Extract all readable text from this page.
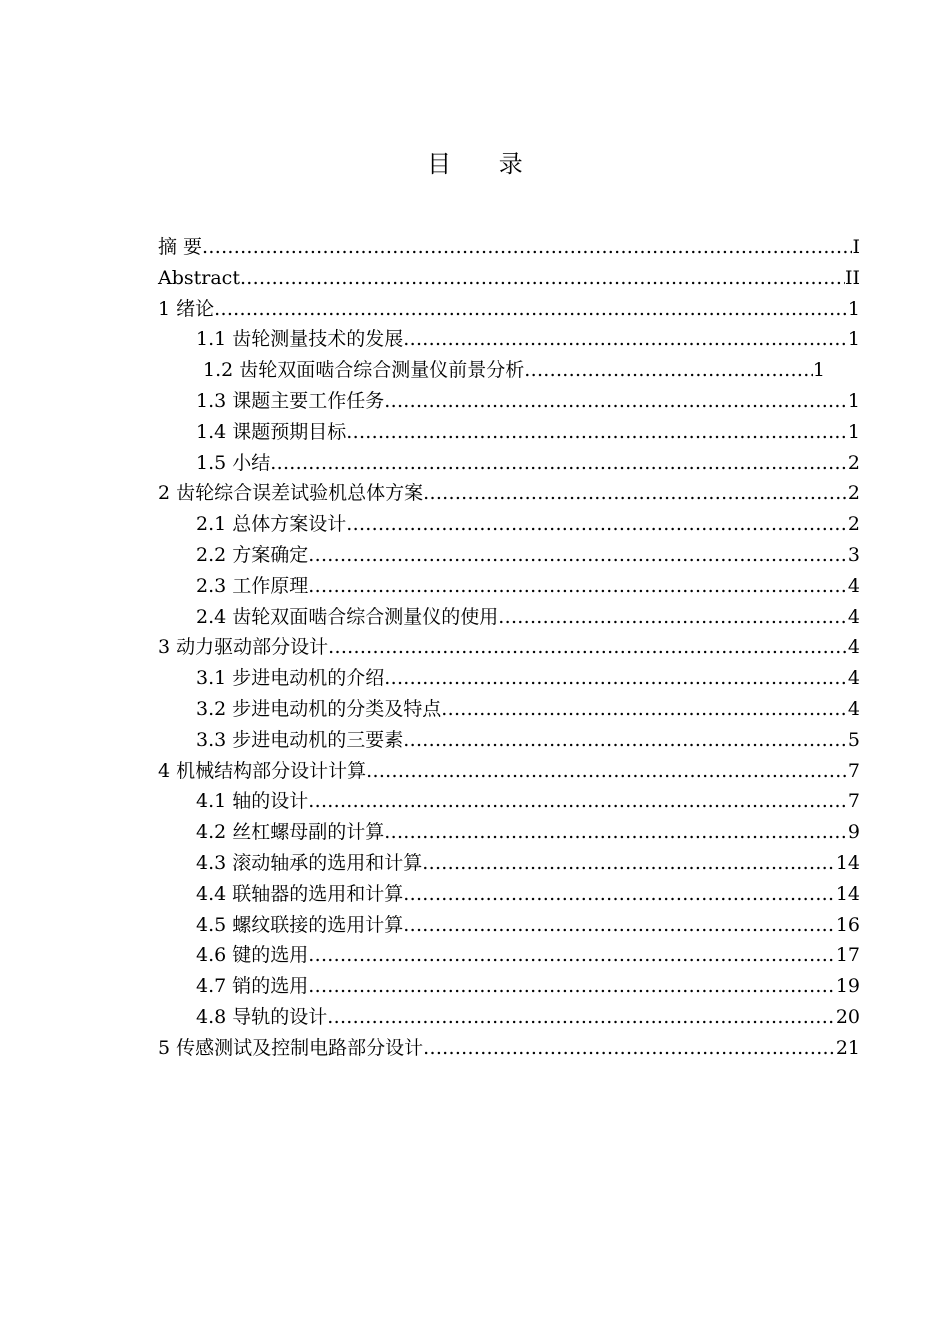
目 录
摘 要 .....	I
Abstract .....	II
1 绪论 .....	1
1.1 齿轮测量技术的发展 .....	1
1.2 齿轮双面啮合综合测量仪前景分析 .....	1
1.3 课题主要工作任务 .....	1
1.4 课题预期目标 .....	1
1.5 小结 .....	2
2 齿轮综合误差试验机总体方案 .....	2
2.1 总体方案设计 .....	2
2.2 方案确定 .....	3
2.3 工作原理 .....	4
2.4 齿轮双面啮合综合测量仪的使用 .....	4
3 动力驱动部分设计 .....	4
3.1 步进电动机的介绍 .....	4
3.2 步进电动机的分类及特点 .....	4
3.3 步进电动机的三要素 .....	5
4 机械结构部分设计计算 .....	7
4.1 轴的设计 .....	7
4.2 丝杠螺母副的计算 .....	9
4.3 滚动轴承的选用和计算 .....	14
4.4 联轴器的选用和计算 .....	14
4.5 螺纹联接的选用计算 .....	16
4.6 键的选用 .....	17
4.7 销的选用 .....	19
4.8 导轨的设计 .....	20
5 传感测试及控制电路部分设计 .....	21
